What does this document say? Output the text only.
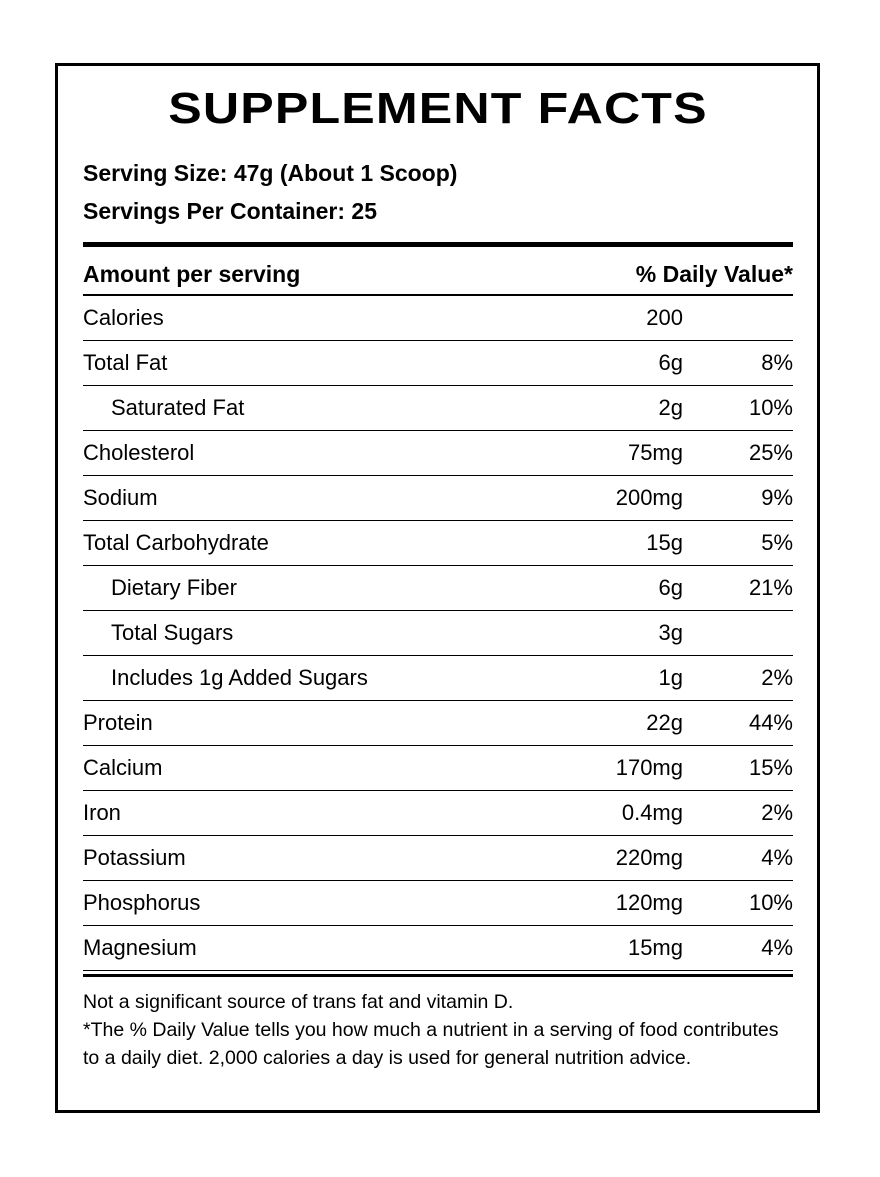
SUPPLEMENT FACTS
Serving Size: 47g (About 1 Scoop)
Servings Per Container: 25
Amount per serving	% Daily Value*
Calories	200
Total Fat	6g	8%
Saturated Fat	2g	10%
Cholesterol	75mg	25%
Sodium	200mg	9%
Total Carbohydrate	15g	5%
Dietary Fiber	6g	21%
Total Sugars	3g
Includes 1g Added Sugars	1g	2%
Protein	22g	44%
Calcium	170mg	15%
Iron	0.4mg	2%
Potassium	220mg	4%
Phosphorus	120mg	10%
Magnesium	15mg	4%

Not a significant source of trans fat and vitamin D.

*The % Daily Value tells you how much a nutrient in a serving of food contributes to a daily diet. 2,000 calories a day is used for general nutrition advice.
